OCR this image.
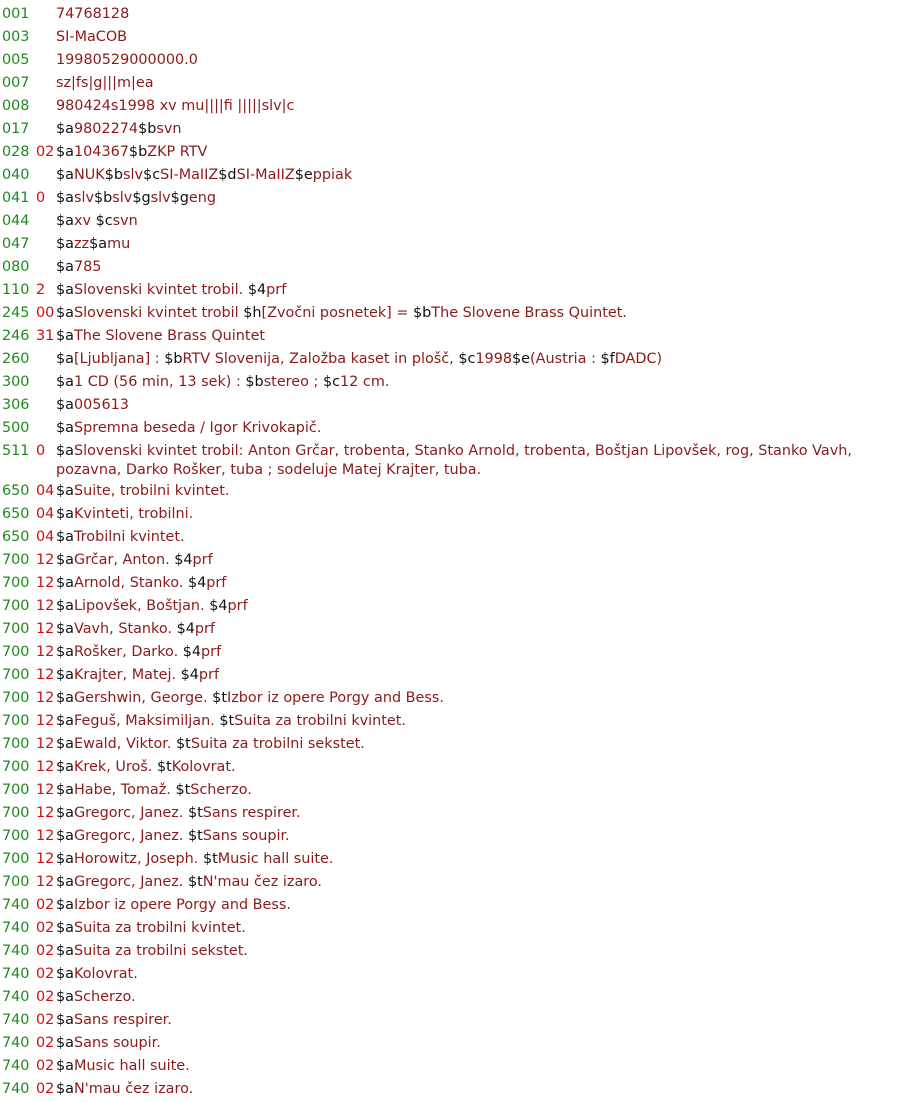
001	74768128
003	SI-MaCOB
005	19980529000000.0
007	sz|fs|g|||m|ea
008	980424s1998 xv mu||||fi |||||slv|c
017	$a9802274$bsvn
028 02 $a104367$bZKP RTV
040	$aNUK$bslv$cSI-MaIIZ$dSI-MaIIZ$eppiak
041 0 $aslv$bslv$gslv$geng
044	$axv $csvn
047	$azz$amu
080	$a785
110 2 $aSlovenski kvintet trobil. $4prf
245 00 $aSlovenski kvintet trobil $h[Zvočni posnetek] = $bThe Slovene Brass Quintet.
246 31 $aThe Slovene Brass Quintet
260	$a[Ljubljana] : $bRTV Slovenija, Založba kaset in plošč, $c1998$e(Austria : $fDADC)
300	$a1 CD (56 min, 13 sek) : $bstereo ; $c12 cm.
306	$a005613
500	$aSpremna beseda / Igor Krivokapič.
511 0 $aSlovenski kvintet trobil: Anton Grčar, trobenta, Stanko Arnold, trobenta, Boštjan Lipovšek, rog, Stanko Vavh, pozavna, Darko Rošker, tuba ; sodeluje Matej Krajter, tuba.
650 04 $aSuite, trobilni kvintet.
650 04 $aKvinteti, trobilni.
650 04 $aTrobilni kvintet.
700 12 $aGrčar, Anton. $4prf
700 12 $aArnold, Stanko. $4prf
700 12 $aLipovšek, Boštjan. $4prf
700 12 $aVavh, Stanko. $4prf
700 12 $aRošker, Darko. $4prf
700 12 $aKrajter, Matej. $4prf
700 12 $aGershwin, George. $tIzbor iz opere Porgy and Bess.
700 12 $aFeguš, Maksimiljan. $tSuita za trobilni kvintet.
700 12 $aEwald, Viktor. $tSuita za trobilni sekstet.
700 12 $aKrek, Uroš. $tKolovrat.
700 12 $aHabe, Tomaž. $tScherzo.
700 12 $aGregorc, Janez. $tSans respirer.
700 12 $aGregorc, Janez. $tSans soupir.
700 12 $aHorowitz, Joseph. $tMusic hall suite.
700 12 $aGregorc, Janez. $tN'mau čez izaro.
740 02 $aIzbor iz opere Porgy and Bess.
740 02 $aSuita za trobilni kvintet.
740 02 $aSuita za trobilni sekstet.
740 02 $aKolovrat.
740 02 $aScherzo.
740 02 $aSans respirer.
740 02 $aSans soupir.
740 02 $aMusic hall suite.
740 02 $aN'mau čez izaro.
